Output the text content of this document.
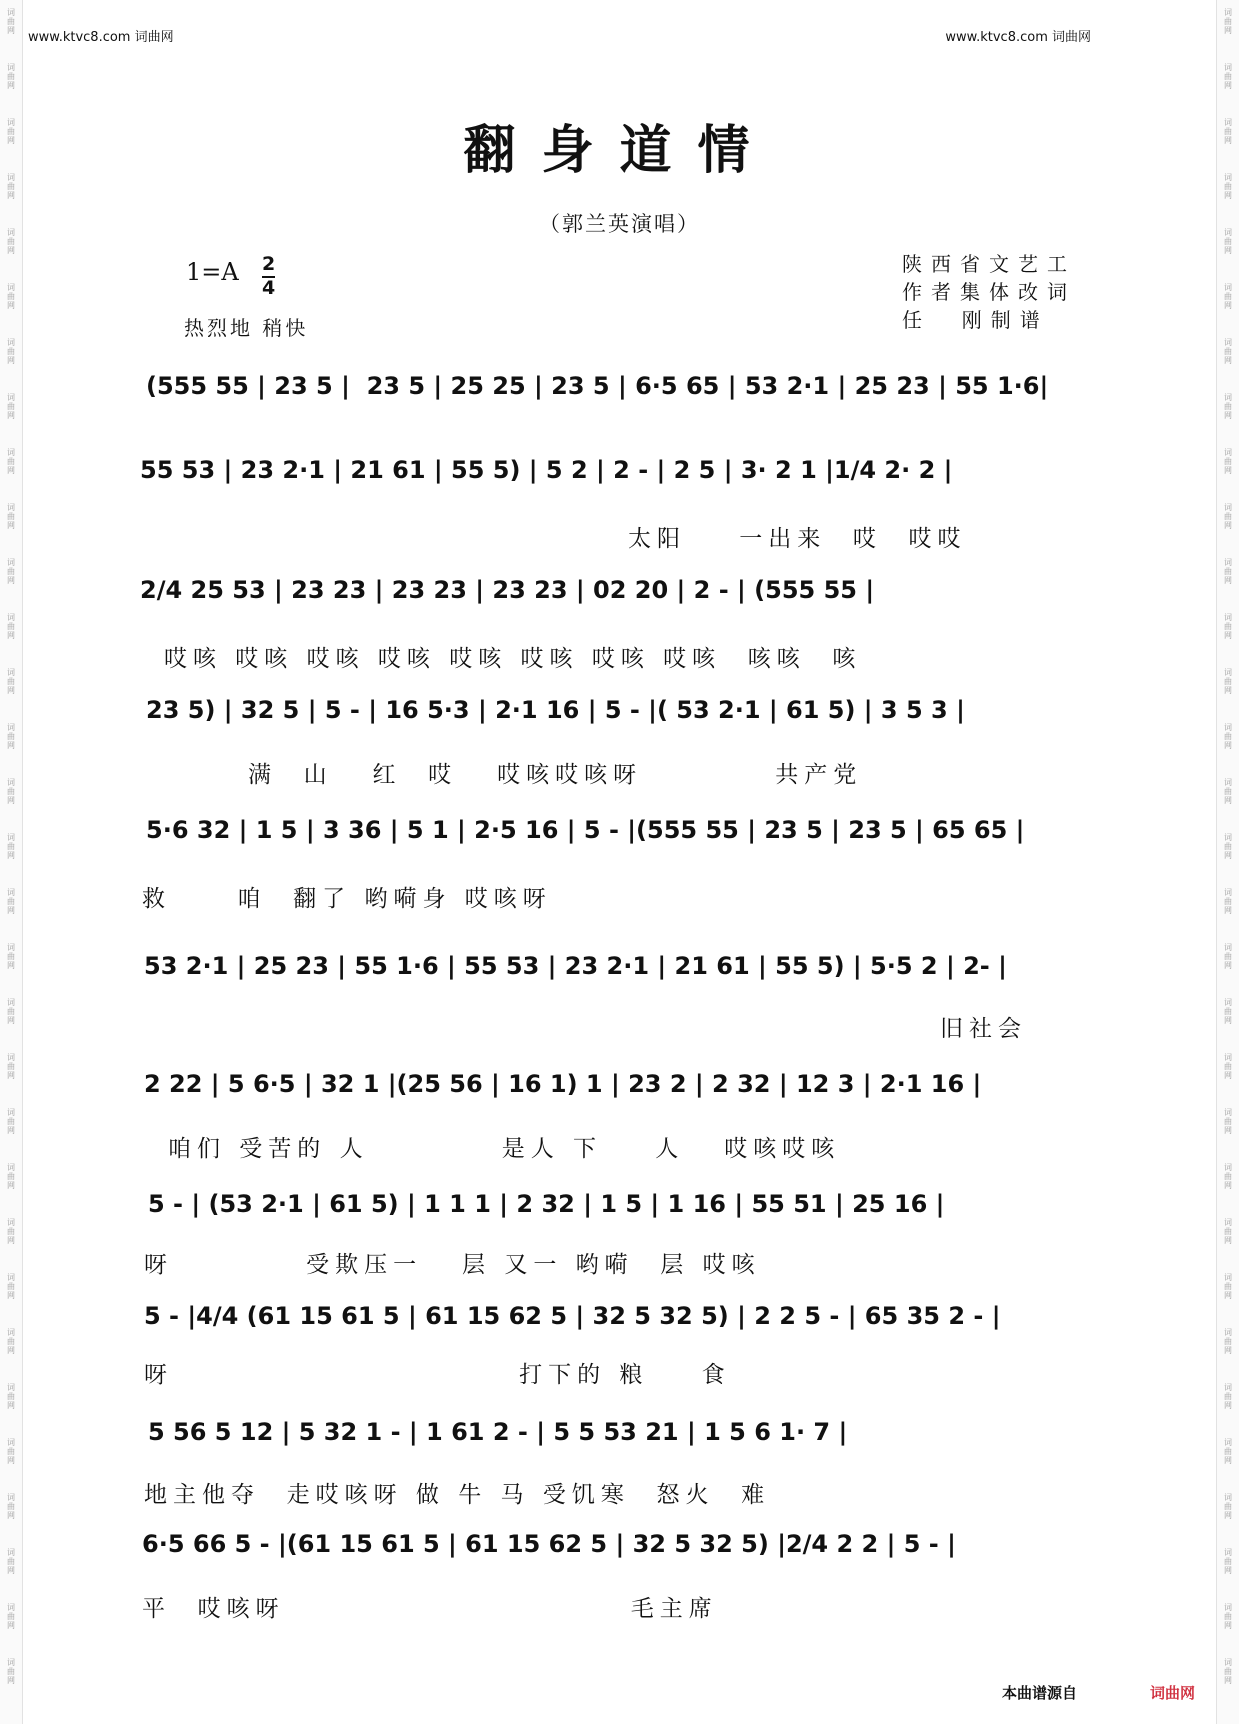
词
曲
网
词
曲
网
词
曲
网
词
曲
网
词
曲
网
词
曲
网
词
曲
网
词
曲
网
词
曲
网
词
曲
网
词
曲
网
词
曲
网
词
曲
网
词
曲
网
词
曲
网
词
曲
网
词
曲
网
词
曲
网
词
曲
网
词
曲
网
词
曲
网
词
曲
网
词
曲
网
词
曲
网
词
曲
网
词
曲
网
词
曲
网
词
曲
网
词
曲
网
词
曲
网
词
曲
网
词
曲
网
词
曲
网
词
曲
网
词
曲
网
词
曲
网
词
曲
网
词
曲
网
词
曲
网
词
曲
网
词
曲
网
词
曲
网
词
曲
网
词
曲
网
词
曲
网
词
曲
网
词
曲
网
词
曲
网
词
曲
网
词
曲
网
词
曲
网
词
曲
网
词
曲
网
词
曲
网
词
曲
网
词
曲
网
词
曲
网
词
曲
网
词
曲
网
词
曲
网
词
曲
网
词
曲
网
www.ktvc8.com 词曲网	www.ktvc8.com 词曲网
翻身道情
（郭兰英演唱）
$1=A \frac{2}{4}$
热烈地 稍快
陕西省文艺工
作者集体改词
任  刚制谱
(555 55 | 23 5 |  23 5 | 25 25 | 23 5 | 6·5 65 | 53 2·1 | 25 23 | 55 1·6|
55 53 | 23 2·1 | 21 61 | 55 5) | 5 2 | 2 - | 2 5 | 3· 2 1 |1/4 2· 2 |
太阳    一出来  哎  哎哎
2/4 25 53 | 23 23 | 23 23 | 23 23 | 02 20 | 2 - | (555 55 |
哎咳 哎咳 哎咳 哎咳 哎咳 哎咳 哎咳 哎咳  咳咳  咳
23 5) | 32 5 | 5 - | 16 5·3 | 2·1 16 | 5 - |( 53 2·1 | 61 5) | 3 5 3 |
满  山   红  哎   哎咳哎咳呀          共产党
5·6 32 | 1 5 | 3 36 | 5 1 | 2·5 16 | 5 - |(555 55 | 23 5 | 23 5 | 65 65 |
救     咱  翻了 哟嗬身 哎咳呀
53 2·1 | 25 23 | 55 1·6 | 55 53 | 23 2·1 | 21 61 | 55 5) | 5·5 2 | 2- |
旧社会
2 22 | 5 6·5 | 32 1 |(25 56 | 16 1) 1 | 23 2 | 2 32 | 12 3 | 2·1 16 |
咱们 受苦的 人          是人 下    人   哎咳哎咳
5 - | (53 2·1 | 61 5) | 1 1 1 | 2 32 | 1 5 | 1 16 | 55 51 | 25 16 |
呀          受欺压一   层 又一 哟嗬  层 哎咳
5 - |4/4 (61 15 61 5 | 61 15 62 5 | 32 5 32 5) | 2 2 5 - | 65 35 2 - |
呀                          打下的 粮    食
5 56 5 12 | 5 32 1 - | 1 61 2 - | 5 5 53 21 | 1 5 6 1· 7 |
地主他夺  走哎咳呀 做 牛 马 受饥寒  怒火  难
6·5 66 5 - |(61 15 61 5 | 61 15 62 5 | 32 5 32 5) |2/4 2 2 | 5 - |
平  哎咳呀                          毛主席
本曲谱源自	词曲网
